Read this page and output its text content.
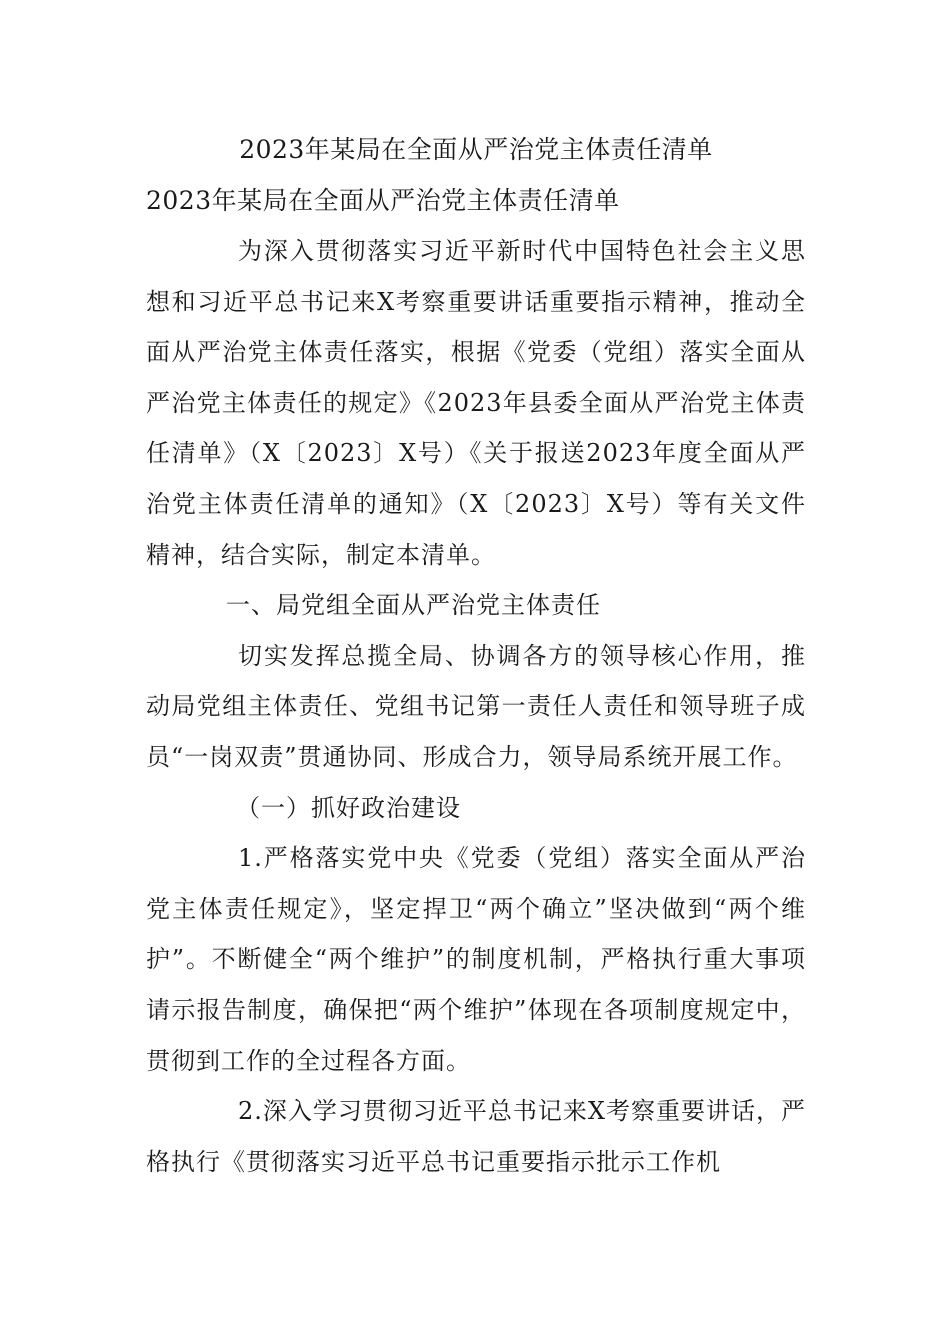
2023年某局在全面从严治党主体责任清单

2023年某局在全面从严治党主体责任清单

为深入贯彻落实习近平新时代中国特色社会主义思想和习近平总书记来X考察重要讲话重要指示精神，推动全面从严治党主体责任落实，根据《党委（党组）落实全面从严治党主体责任的规定》《2023年县委全面从严治党主体责任清单》（X〔2023〕X号）《关于报送2023年度全面从严治党主体责任清单的通知》（X〔2023〕X号）等有关文件精神，结合实际，制定本清单。

一、局党组全面从严治党主体责任

切实发挥总揽全局、协调各方的领导核心作用，推动局党组主体责任、党组书记第一责任人责任和领导班子成员“一岗双责”贯通协同、形成合力，领导局系统开展工作。

（一）抓好政治建设

1.严格落实党中央《党委（党组）落实全面从严治党主体责任规定》，坚定捍卫“两个确立”坚决做到“两个维护”。不断健全“两个维护”的制度机制，严格执行重大事项请示报告制度，确保把“两个维护”体现在各项制度规定中，贯彻到工作的全过程各方面。

2.深入学习贯彻习近平总书记来X考察重要讲话，严格执行《贯彻落实习近平总书记重要指示批示工作机
